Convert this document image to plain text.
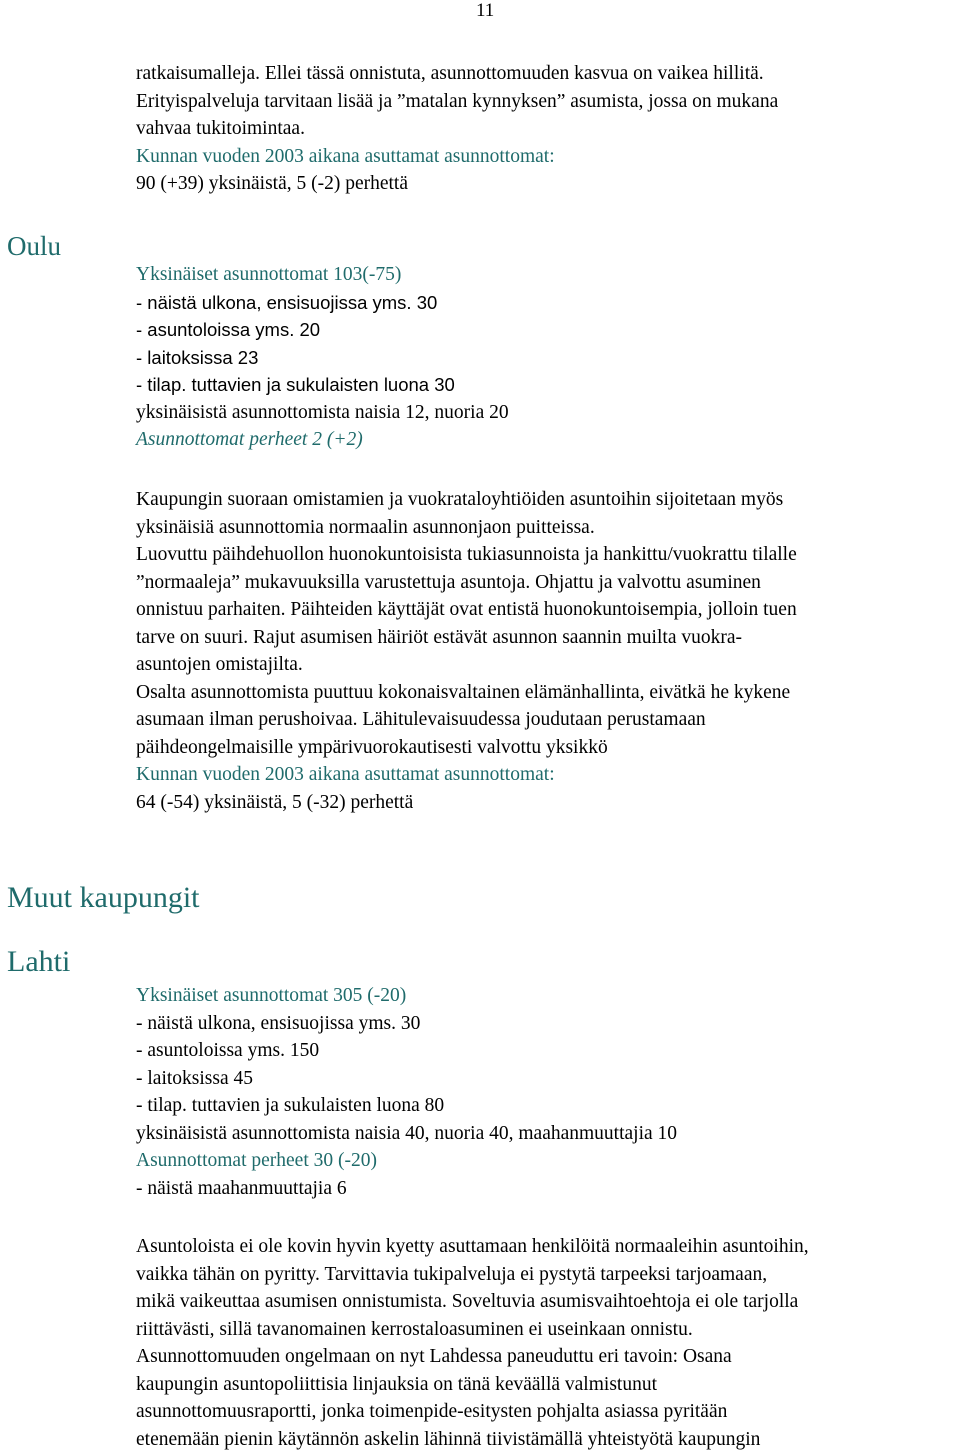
11
Oulu
Muut kaupungit
Lahti
ratkaisumalleja. Ellei tässä onnistuta, asunnottomuuden kasvua on vaikea hillitä.
Erityispalveluja tarvitaan lisää ja ”matalan kynnyksen” asumista, jossa on mukana
vahvaa tukitoimintaa.
Kunnan vuoden 2003 aikana asuttamat asunnottomat:
90 (+39) yksinäistä, 5 (-2) perhettä
Yksinäiset asunnottomat 103(-75)
- näistä ulkona, ensisuojissa yms. 30
- asuntoloissa yms. 20
- laitoksissa 23
- tilap. tuttavien ja sukulaisten luona 30
yksinäisistä asunnottomista naisia 12, nuoria 20
Asunnottomat perheet 2 (+2)
Kaupungin suoraan omistamien ja vuokrataloyhtiöiden asuntoihin sijoitetaan myös
yksinäisiä asunnottomia normaalin asunnonjaon puitteissa.
Luovuttu päihdehuollon huonokuntoisista tukiasunnoista ja hankittu/vuokrattu tilalle
”normaaleja” mukavuuksilla varustettuja asuntoja. Ohjattu ja valvottu asuminen
onnistuu parhaiten. Päihteiden käyttäjät ovat entistä huonokuntoisempia, jolloin tuen
tarve on suuri. Rajut asumisen häiriöt estävät asunnon saannin muilta vuokra-
asuntojen omistajilta.
Osalta asunnottomista puuttuu kokonaisvaltainen elämänhallinta, eivätkä he kykene
asumaan ilman perushoivaa. Lähitulevaisuudessa joudutaan perustamaan
päihdeongelmaisille ympärivuorokautisesti valvottu yksikkö
Kunnan vuoden 2003 aikana asuttamat asunnottomat:
64 (-54) yksinäistä, 5 (-32) perhettä
Yksinäiset asunnottomat 305 (-20)
- näistä ulkona, ensisuojissa yms. 30
- asuntoloissa yms. 150
- laitoksissa 45
- tilap. tuttavien ja sukulaisten luona 80
yksinäisistä asunnottomista naisia 40, nuoria 40, maahanmuuttajia 10
Asunnottomat perheet 30 (-20)
- näistä maahanmuuttajia 6
Asuntoloista ei ole kovin hyvin kyetty asuttamaan henkilöitä normaaleihin asuntoihin,
vaikka tähän on pyritty. Tarvittavia tukipalveluja ei pystytä tarpeeksi tarjoamaan,
mikä vaikeuttaa asumisen onnistumista. Soveltuvia asumisvaihtoehtoja ei ole tarjolla
riittävästi, sillä tavanomainen kerrostaloasuminen ei useinkaan onnistu.
Asunnottomuuden ongelmaan on nyt Lahdessa paneuduttu eri tavoin: Osana
kaupungin asuntopoliittisia linjauksia on tänä keväällä valmistunut
asunnottomuusraportti, jonka toimenpide-esitysten pohjalta asiassa pyritään
etenemään pienin käytännön askelin lähinnä tiivistämällä yhteistyötä kaupungin
